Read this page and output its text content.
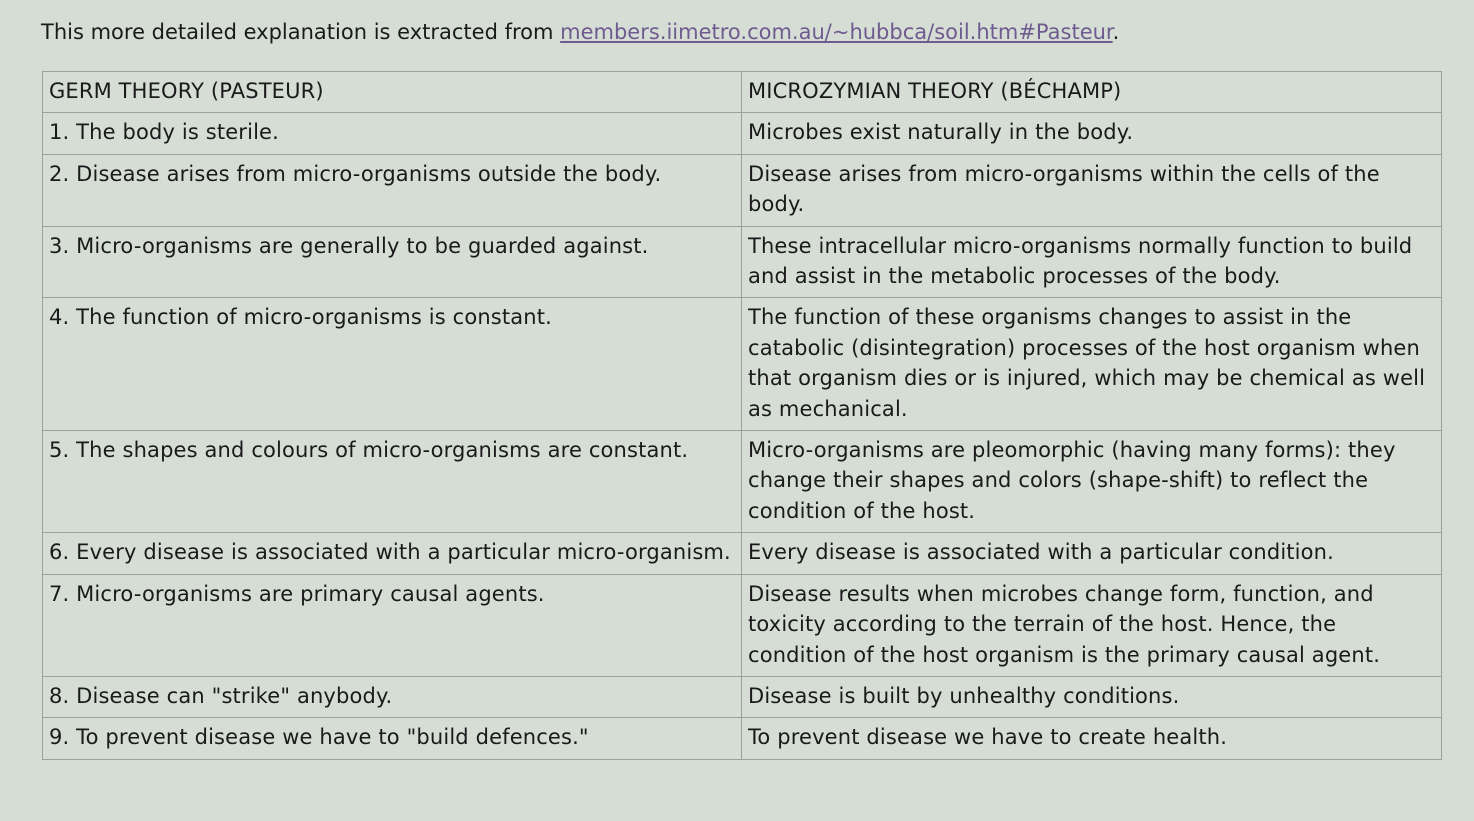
This more detailed explanation is extracted from members.iimetro.com.au/~hubbca/soil.htm#Pasteur.

GERM THEORY (PASTEUR)	MICROZYMIAN THEORY (BÉCHAMP)
1. The body is sterile.	Microbes exist naturally in the body.
2. Disease arises from micro-organisms outside the body.	Disease arises from micro-organisms within the cells of the body.
3. Micro-organisms are generally to be guarded against.	These intracellular micro-organisms normally function to build and assist in the metabolic processes of the body.
4. The function of micro-organisms is constant.	The function of these organisms changes to assist in the catabolic (disintegration) processes of the host organism when that organism dies or is injured, which may be chemical as well as mechanical.
5. The shapes and colours of micro-organisms are constant.	Micro-organisms are pleomorphic (having many forms): they change their shapes and colors (shape-shift) to reflect the condition of the host.
6. Every disease is associated with a particular micro-organism.	Every disease is associated with a particular condition.
7. Micro-organisms are primary causal agents.	Disease results when microbes change form, function, and toxicity according to the terrain of the host. Hence, the condition of the host organism is the primary causal agent.
8. Disease can "strike" anybody.	Disease is built by unhealthy conditions.
9. To prevent disease we have to "build defences."	To prevent disease we have to create health.
